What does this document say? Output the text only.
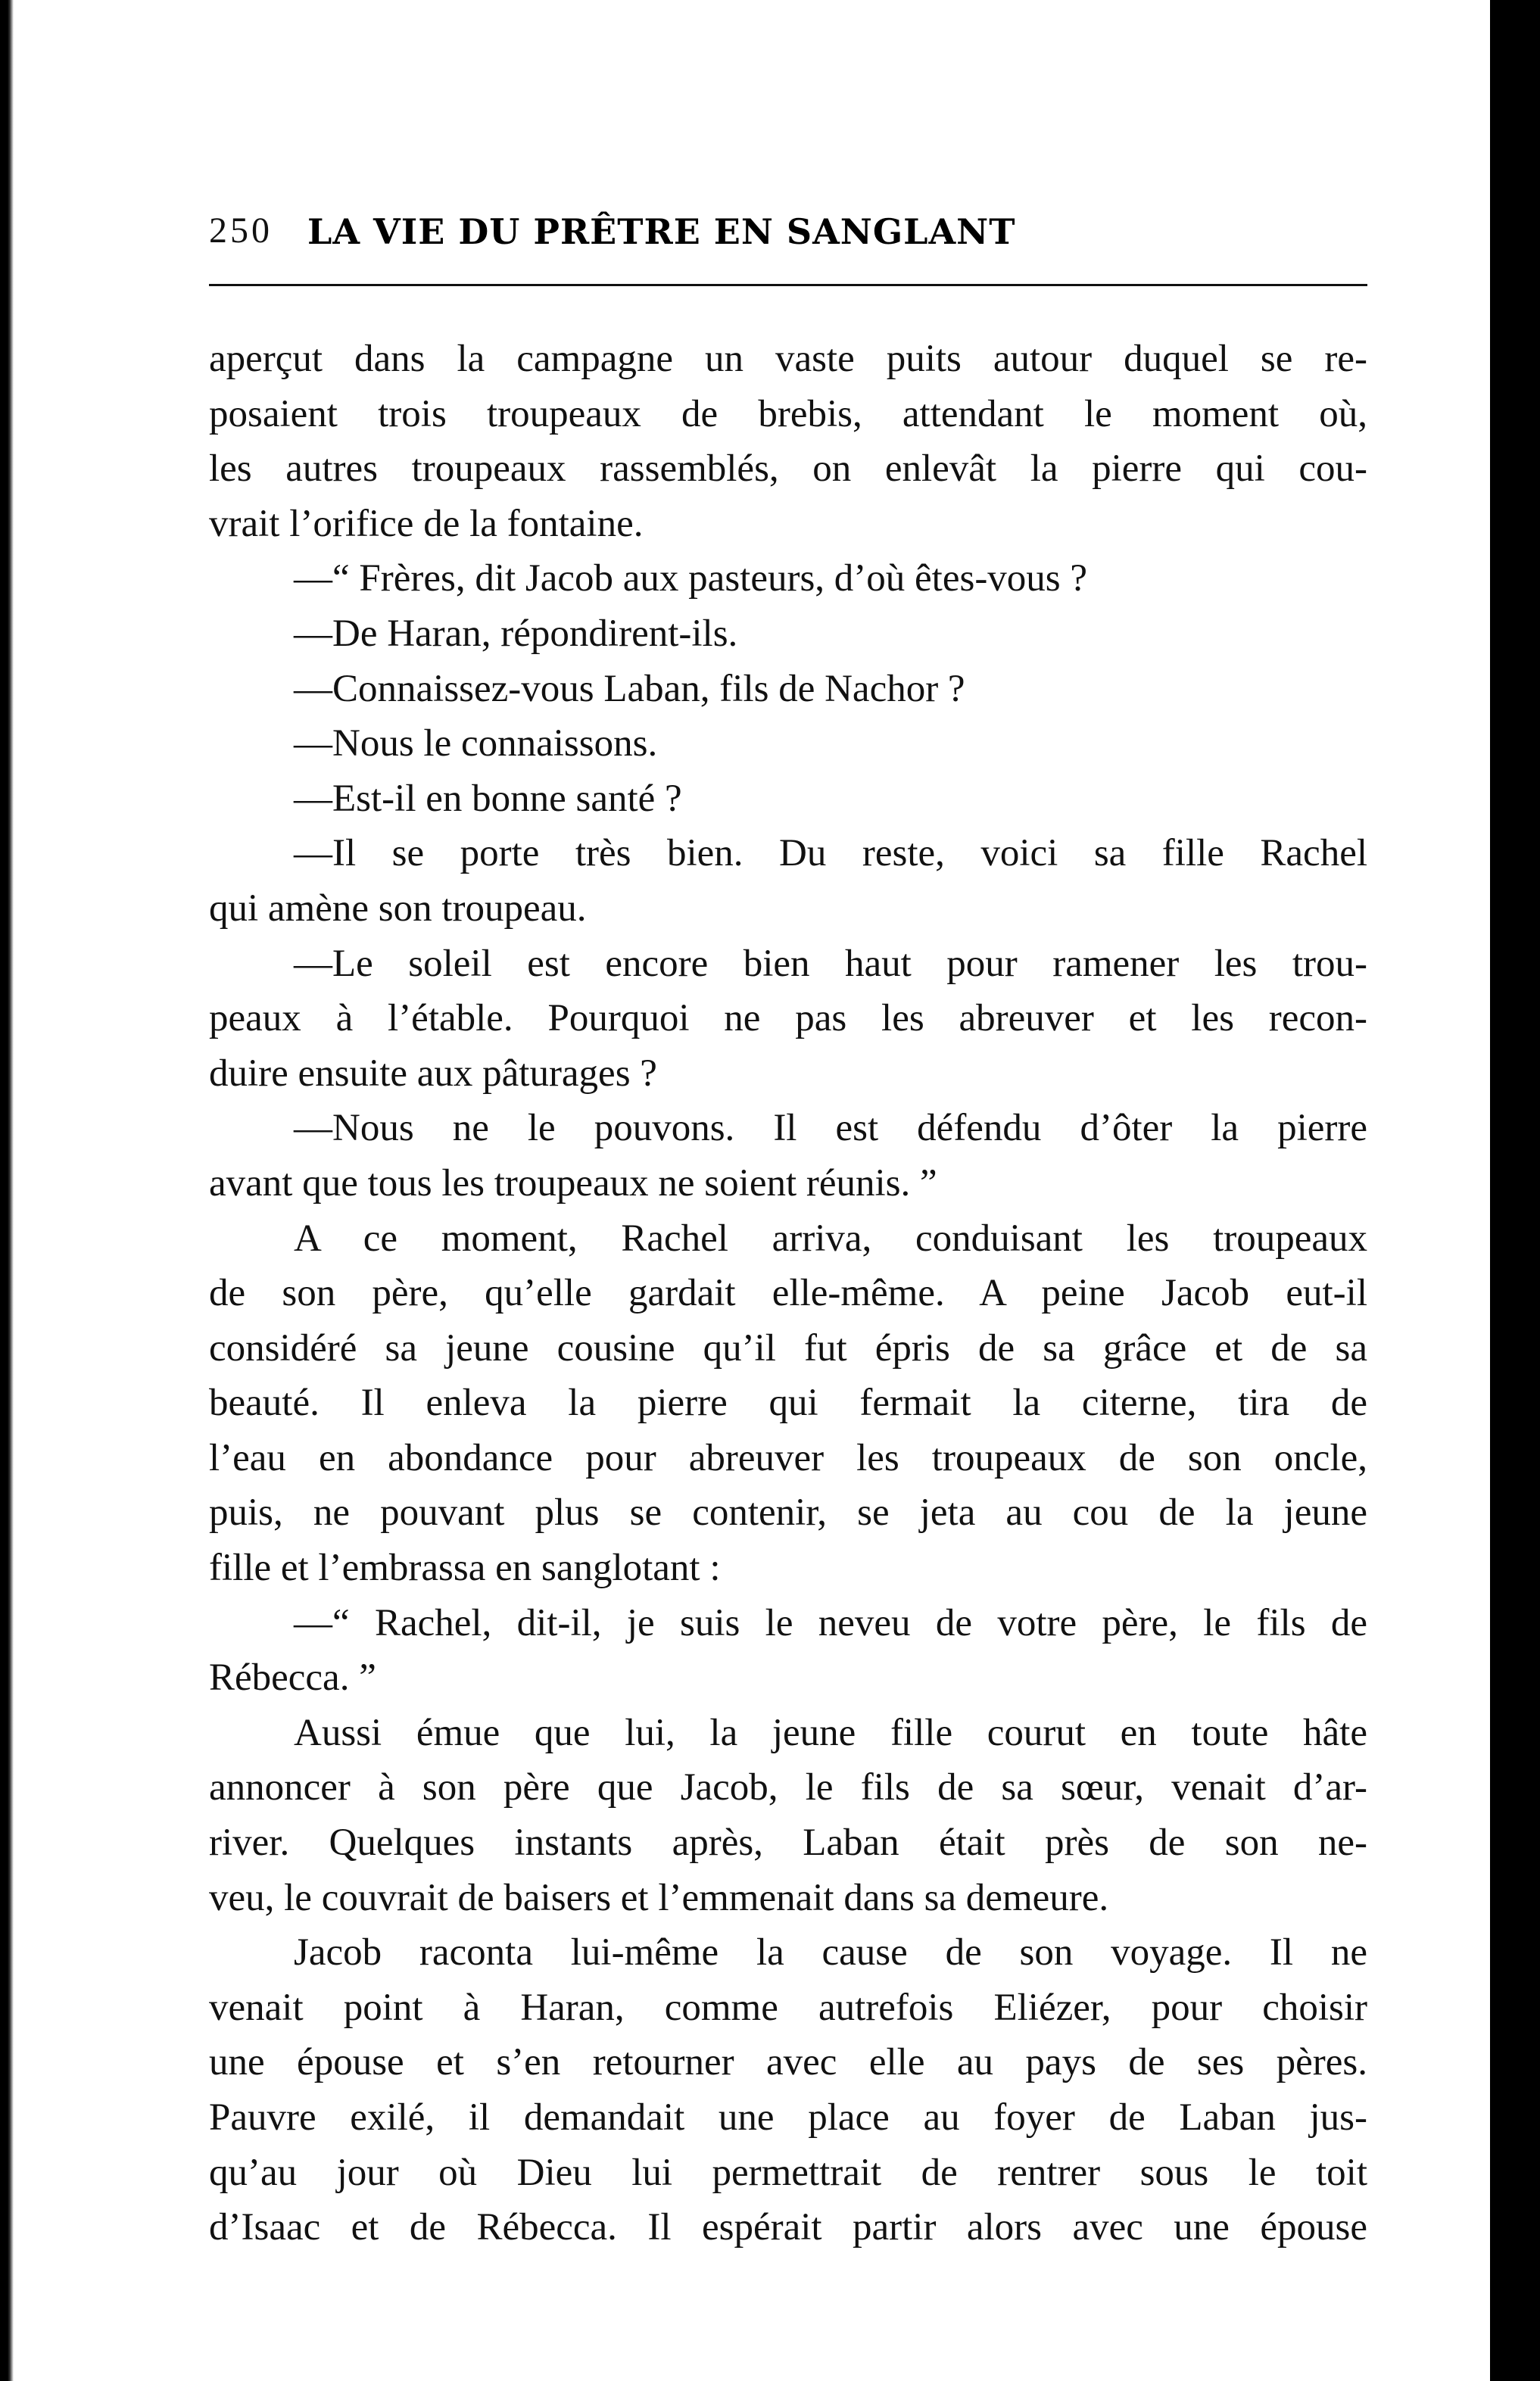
250 LA VIE DU PRÊTRE EN SANGLANT
aperçut dans la campagne un vaste puits autour duquel se re-
posaient trois troupeaux de brebis, attendant le moment où,
les autres troupeaux rassemblés, on enlevât la pierre qui cou-
vrait l’orifice de la fontaine.
—“ Frères, dit Jacob aux pasteurs, d’où êtes-vous ?
—De Haran, répondirent-ils.
—Connaissez-vous Laban, fils de Nachor ?
—Nous le connaissons.
—Est-il en bonne santé ?
—Il se porte très bien. Du reste, voici sa fille Rachel
qui amène son troupeau.
—Le soleil est encore bien haut pour ramener les trou-
peaux à l’étable. Pourquoi ne pas les abreuver et les recon-
duire ensuite aux pâturages ?
—Nous ne le pouvons. Il est défendu d’ôter la pierre
avant que tous les troupeaux ne soient réunis. ”
A ce moment, Rachel arriva, conduisant les troupeaux
de son père, qu’elle gardait elle-même. A peine Jacob eut-il
considéré sa jeune cousine qu’il fut épris de sa grâce et de sa
beauté. Il enleva la pierre qui fermait la citerne, tira de
l’eau en abondance pour abreuver les troupeaux de son oncle,
puis, ne pouvant plus se contenir, se jeta au cou de la jeune
fille et l’embrassa en sanglotant :
—“ Rachel, dit-il, je suis le neveu de votre père, le fils de
Rébecca. ”
Aussi émue que lui, la jeune fille courut en toute hâte
annoncer à son père que Jacob, le fils de sa sœur, venait d’ar-
river. Quelques instants après, Laban était près de son ne-
veu, le couvrait de baisers et l’emmenait dans sa demeure.
Jacob raconta lui-même la cause de son voyage. Il ne
venait point à Haran, comme autrefois Eliézer, pour choisir
une épouse et s’en retourner avec elle au pays de ses pères.
Pauvre exilé, il demandait une place au foyer de Laban jus-
qu’au jour où Dieu lui permettrait de rentrer sous le toit
d’Isaac et de Rébecca. Il espérait partir alors avec une épouse
